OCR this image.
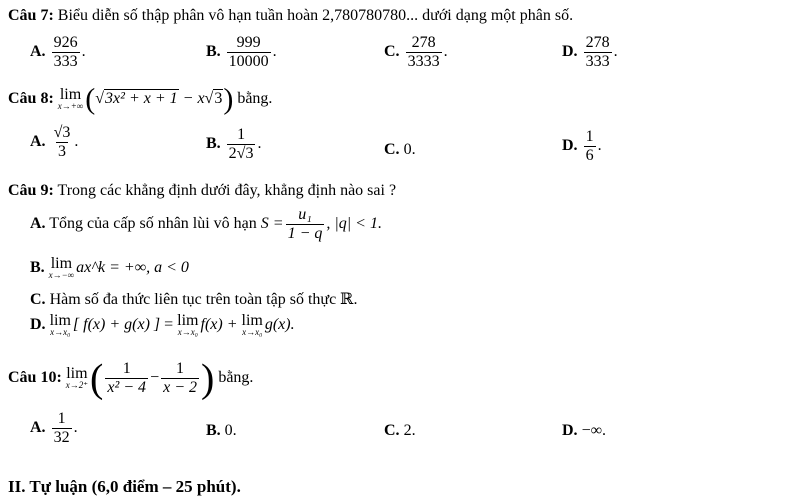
Câu 7: Biểu diễn số thập phân vô hạn tuần hoàn 2,780780780... dưới dạng một phân số.
A. $\frac{926}{333}$ .	B. $\frac{999}{10000}$ .	C. $\frac{278}{3333}$ .	D. $\frac{278}{333}$ .
Câu 8: lim
x→+∞ (√3x² + x + 1 − x√3) bằng.
A. $\frac{√3}{3}$ .	B. $\frac{1}{2√3}$ .	C. 0.	D. $\frac{1}{6}$ .
Câu 9: Trong các khẳng định dưới đây, khẳng định nào sai ?
A. Tổng của cấp số nhân lùi vô hạn $S = \frac{\text{u₁}}{1 - q}$ , |q| < 1.
B. lim
x→−∞ ax^k = +∞, a < 0
C. Hàm số đa thức liên tục trên toàn tập số thực ℝ.
D. lim
x→x₀ [ f(x) + g(x) ] = lim
x→x₀ f(x) + lim
x→x₀ g(x).
Câu 10: lim
x→2⁺ ( $\frac{1}{\text{x² − 4}} - \frac{1}{x - 2}$ ) bằng.
A. $\frac{1}{32}$ .	B. 0.	C. 2.	D. −∞.
II. Tự luận (6,0 điểm – 25 phút).
